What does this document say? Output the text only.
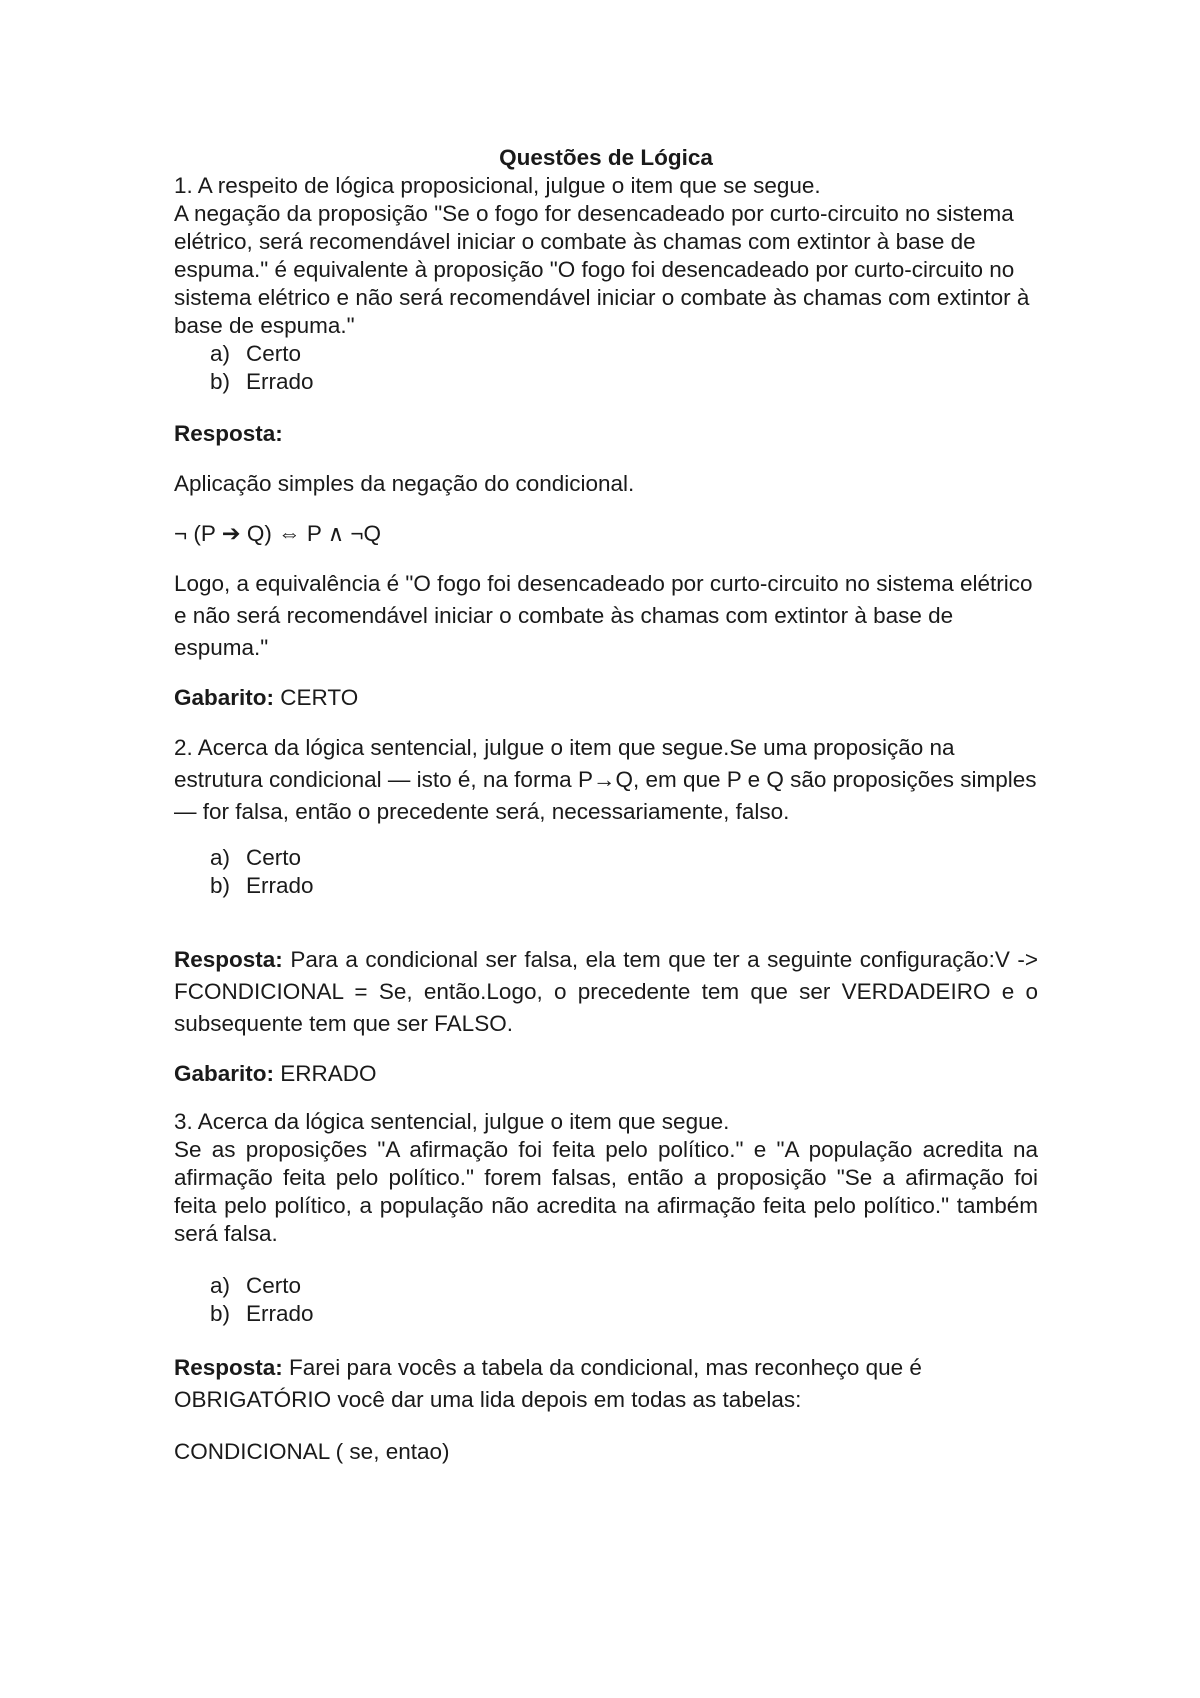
Questões de Lógica

1. A respeito de lógica proposicional, julgue o item que se segue.

A negação da proposição "Se o fogo for desencadeado por curto-circuito no sistema elétrico, será recomendável iniciar o combate às chamas com extintor à base de espuma." é equivalente à proposição "O fogo foi desencadeado por curto-circuito no sistema elétrico e não será recomendável iniciar o combate às chamas com extintor à base de espuma."

a) Certo
b) Errado

Resposta:

Aplicação simples da negação do condicional.

¬ (P ➔ Q) ⇔ P ∧ ¬Q

Logo, a equivalência é "O fogo foi desencadeado por curto-circuito no sistema elétrico e não será recomendável iniciar o combate às chamas com extintor à base de espuma."

Gabarito: CERTO

2. Acerca da lógica sentencial, julgue o item que segue.Se uma proposição na estrutura condicional — isto é, na forma P→Q, em que P e Q são proposições simples — for falsa, então o precedente será, necessariamente, falso.

a) Certo
b) Errado

Resposta: Para a condicional ser falsa, ela tem que ter a seguinte configuração:V -> FCONDICIONAL = Se, então.Logo, o precedente tem que ser VERDADEIRO e o subsequente tem que ser FALSO.

Gabarito: ERRADO

3. Acerca da lógica sentencial, julgue o item que segue.

Se as proposições "A afirmação foi feita pelo político." e "A população acredita na afirmação feita pelo político." forem falsas, então a proposição "Se a afirmação foi feita pelo político, a população não acredita na afirmação feita pelo político." também será falsa.

a) Certo
b) Errado

Resposta: Farei para vocês a tabela da condicional, mas reconheço que é OBRIGATÓRIO você dar uma lida depois em todas as tabelas:

CONDICIONAL ( se, entao)
